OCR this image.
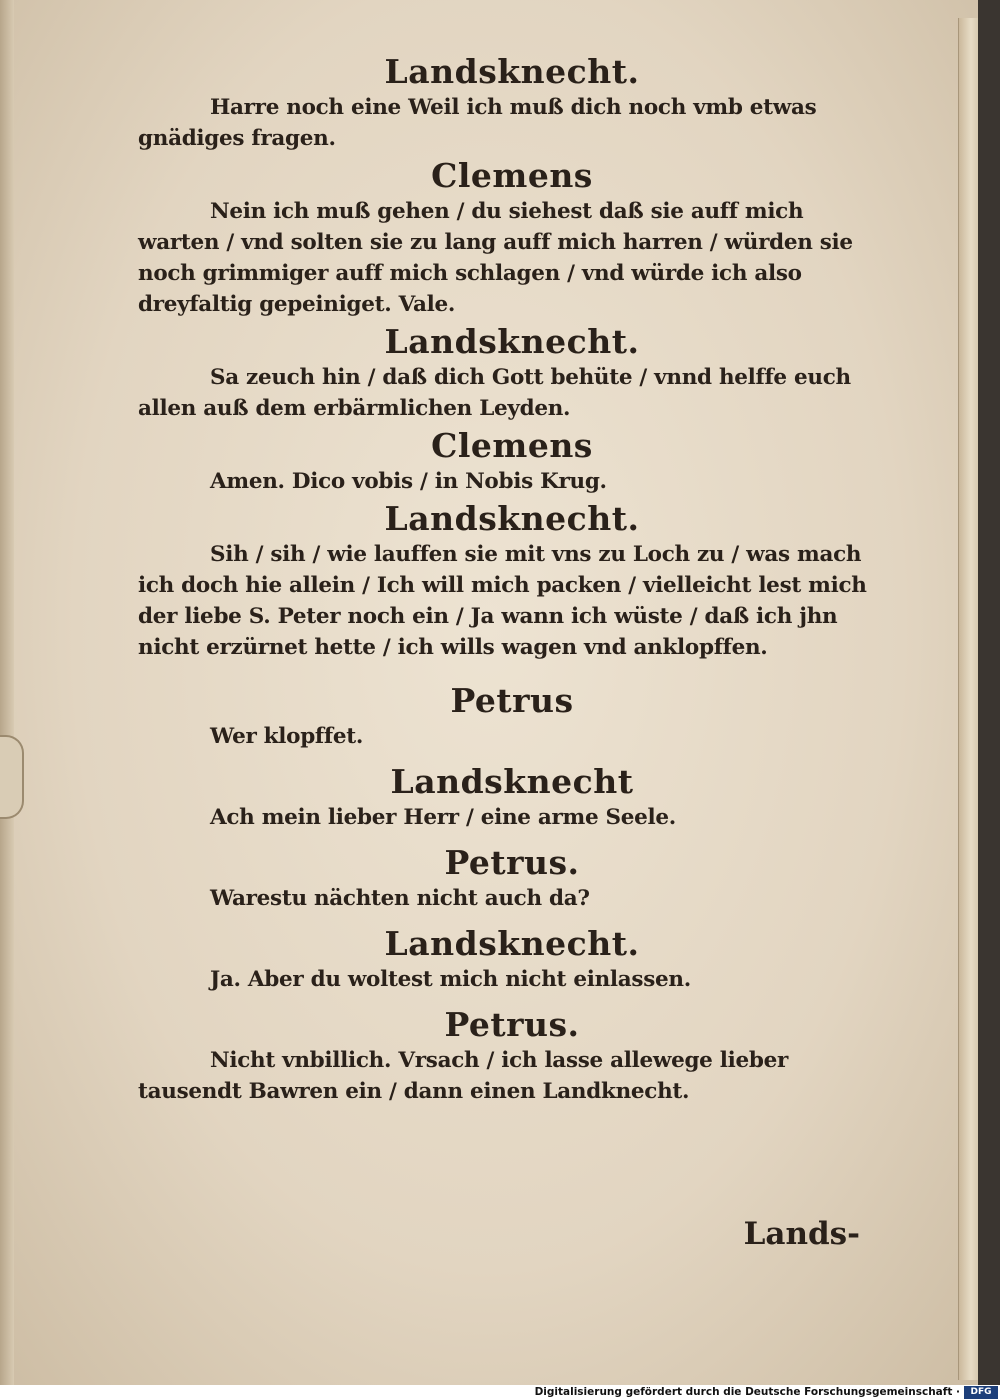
Landsknecht.

Harre noch eine Weil ich muß dich noch vmb etwas gnädiges fragen.

Clemens

Nein ich muß gehen / du siehest daß sie auff mich warten / vnd solten sie zu lang auff mich harren / würden sie noch grimmiger auff mich schlagen / vnd würde ich also dreyfaltig gepeiniget. Vale.

Landsknecht.

Sa zeuch hin / daß dich Gott behüte / vnnd helffe euch allen auß dem erbärmlichen Leyden.

Clemens

Amen. Dico vobis / in Nobis Krug.

Landsknecht.

Sih / sih / wie lauffen sie mit vns zu Loch zu / was mach ich doch hie allein / Ich will mich packen / vielleicht lest mich der liebe S. Peter noch ein / Ja wann ich wüste / daß ich jhn nicht erzürnet hette / ich wills wagen vnd anklopffen.

Petrus

Wer klopffet.

Landsknecht

Ach mein lieber Herr / eine arme Seele.

Petrus.

Warestu nächten nicht auch da?

Landsknecht.

Ja. Aber du woltest mich nicht einlassen.

Petrus.

Nicht vnbillich. Vrsach / ich lasse allewege lieber tausendt Bawren ein / dann einen Landknecht.

Lands-
Digitalisierung gefördert durch die Deutsche Forschungsgemeinschaft ·	DFG
